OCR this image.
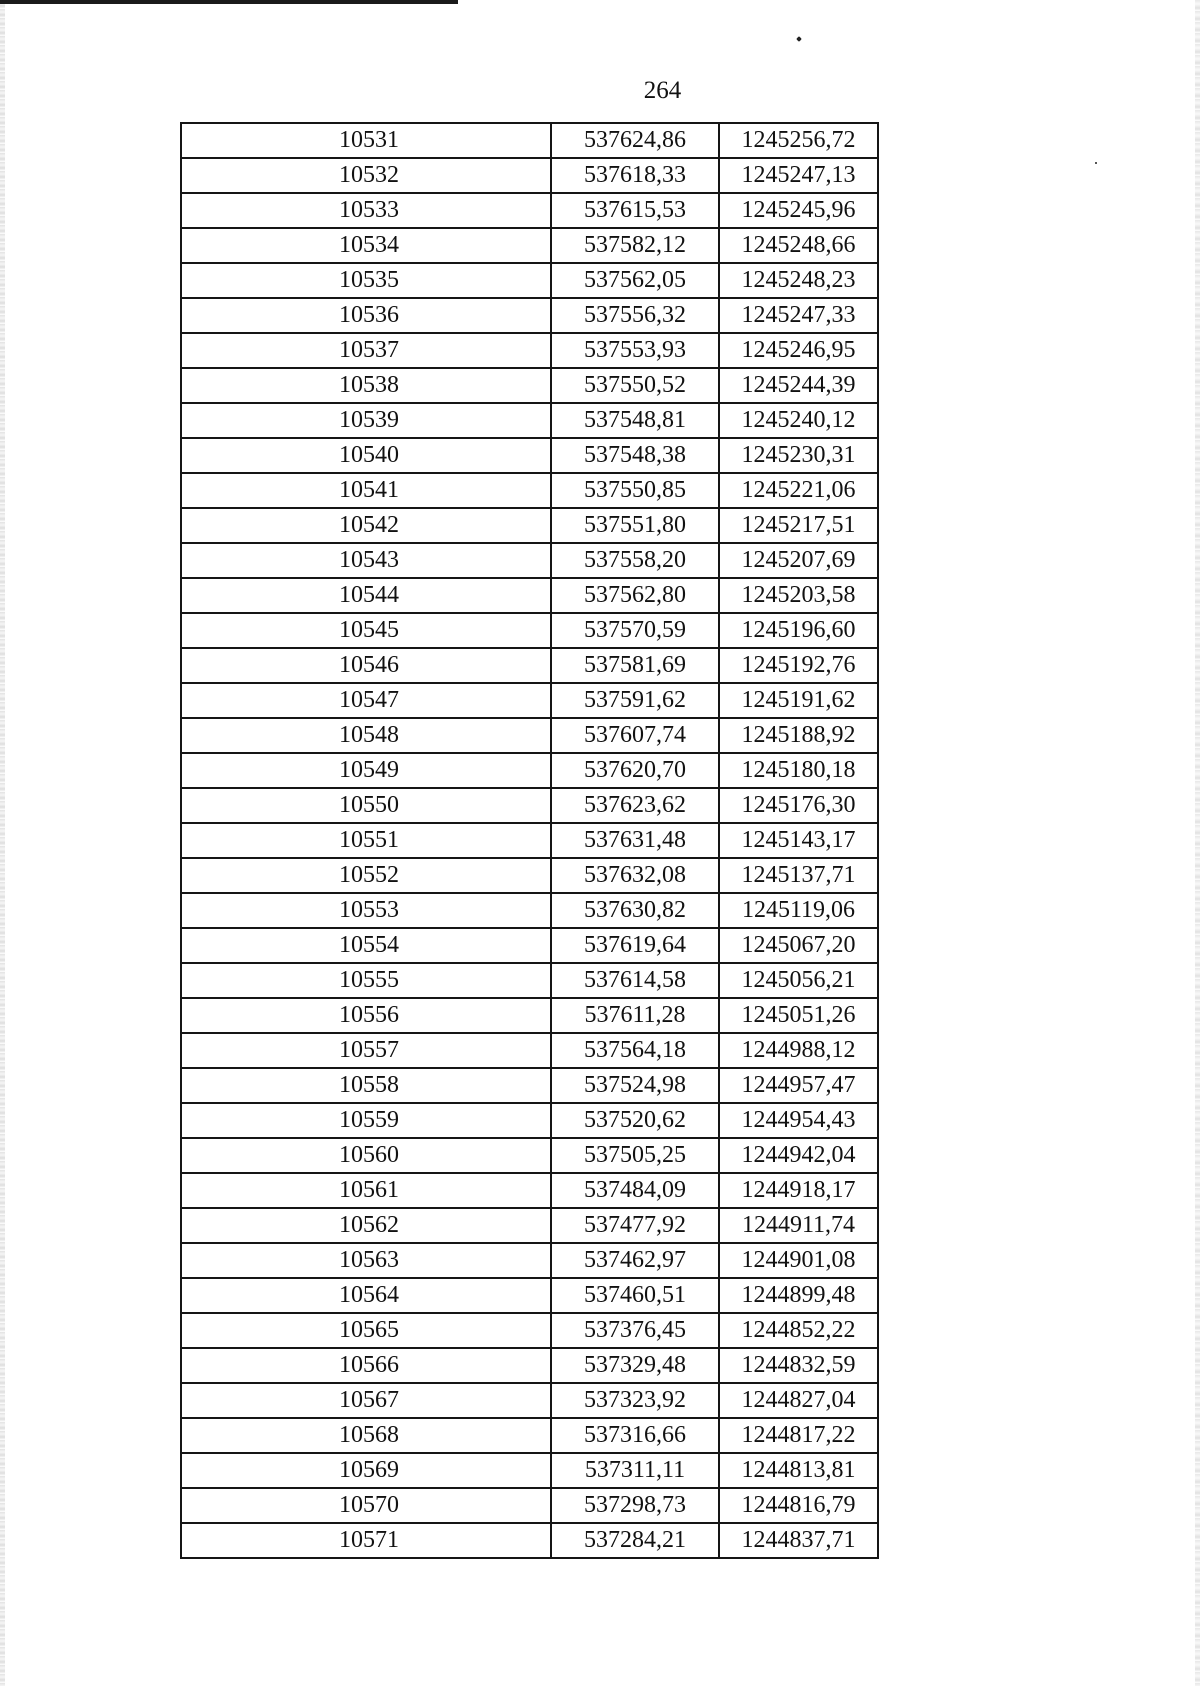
264
10531	537624,86	1245256,72
10532	537618,33	1245247,13
10533	537615,53	1245245,96
10534	537582,12	1245248,66
10535	537562,05	1245248,23
10536	537556,32	1245247,33
10537	537553,93	1245246,95
10538	537550,52	1245244,39
10539	537548,81	1245240,12
10540	537548,38	1245230,31
10541	537550,85	1245221,06
10542	537551,80	1245217,51
10543	537558,20	1245207,69
10544	537562,80	1245203,58
10545	537570,59	1245196,60
10546	537581,69	1245192,76
10547	537591,62	1245191,62
10548	537607,74	1245188,92
10549	537620,70	1245180,18
10550	537623,62	1245176,30
10551	537631,48	1245143,17
10552	537632,08	1245137,71
10553	537630,82	1245119,06
10554	537619,64	1245067,20
10555	537614,58	1245056,21
10556	537611,28	1245051,26
10557	537564,18	1244988,12
10558	537524,98	1244957,47
10559	537520,62	1244954,43
10560	537505,25	1244942,04
10561	537484,09	1244918,17
10562	537477,92	1244911,74
10563	537462,97	1244901,08
10564	537460,51	1244899,48
10565	537376,45	1244852,22
10566	537329,48	1244832,59
10567	537323,92	1244827,04
10568	537316,66	1244817,22
10569	537311,11	1244813,81
10570	537298,73	1244816,79
10571	537284,21	1244837,71
